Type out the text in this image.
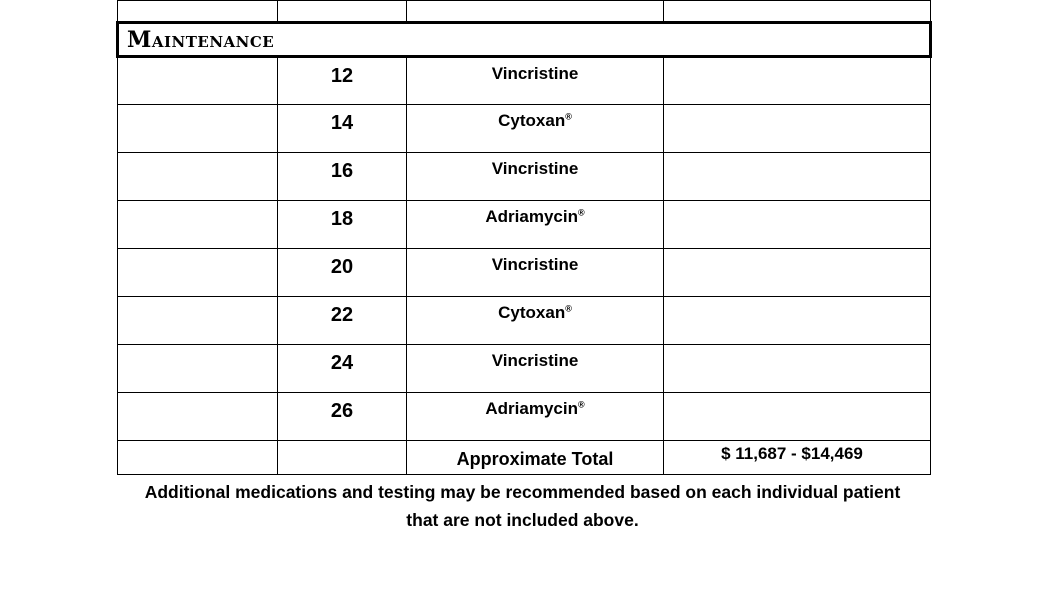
Maintenance			
	12	Vincristine	
	14	Cytoxan®	
	16	Vincristine	
	18	Adriamycin®	
	20	Vincristine	
	22	Cytoxan®	
	24	Vincristine	
	26	Adriamycin®	
		Approximate Total	$ 11,687 - $14,469
Additional medications and testing may be recommended based on each individual patient
that are not included above.
